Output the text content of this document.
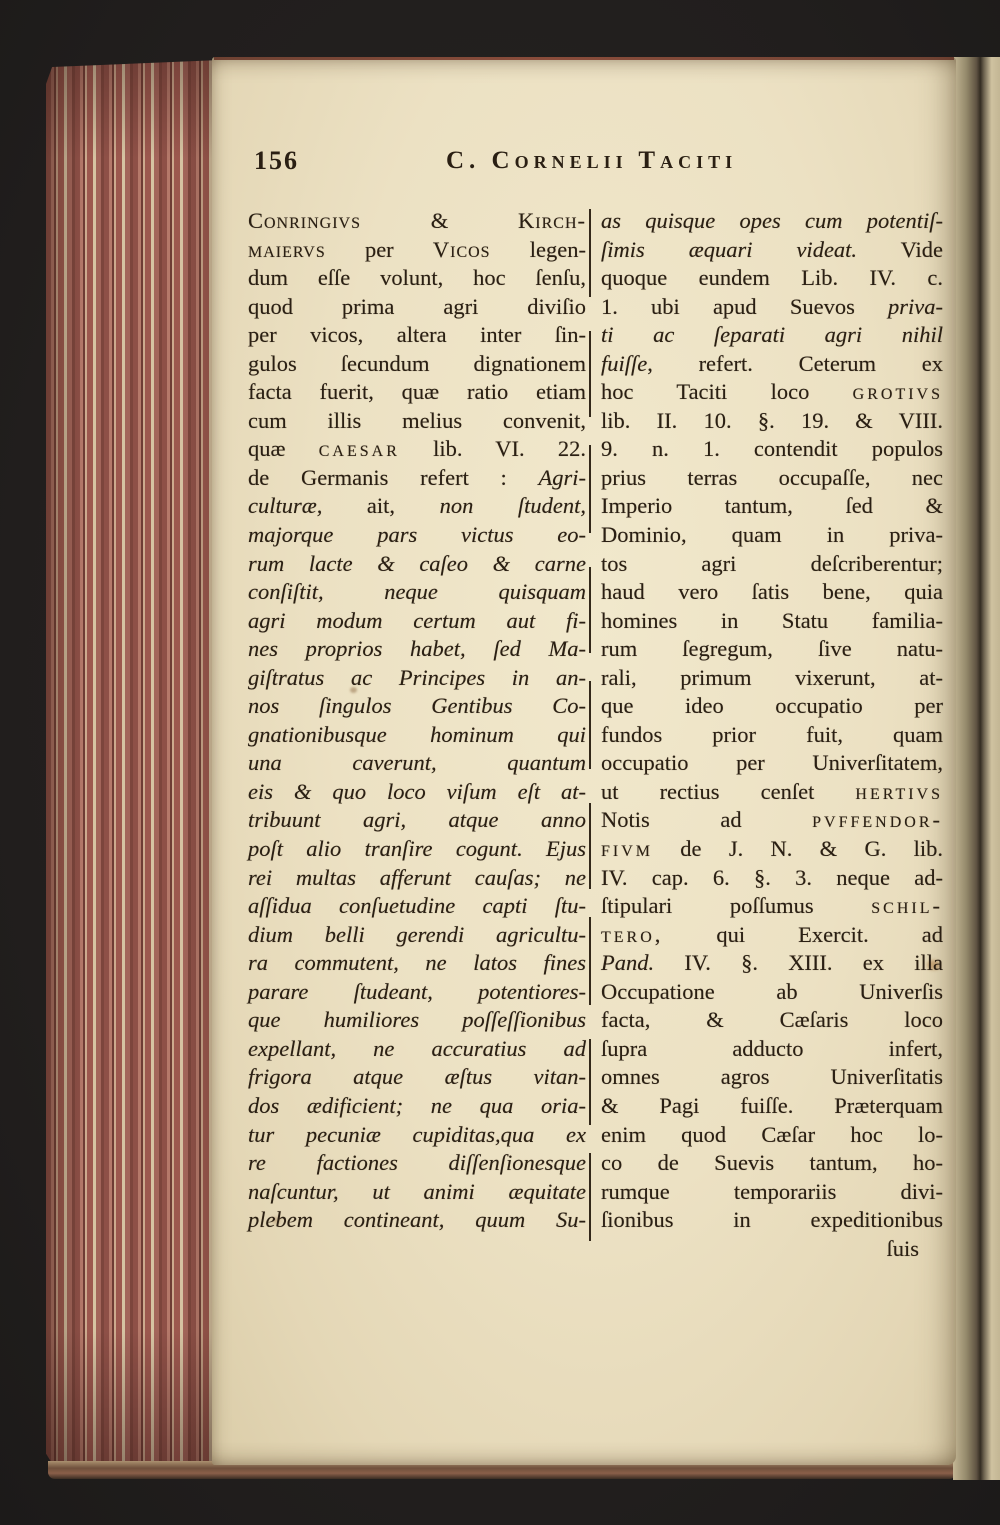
156	C. Cornelii Taciti
Conringivs & Kirch-
maiervs per Vicos legen-
dum eſſe volunt, hoc ſenſu,
quod prima agri diviſio
per vicos, altera inter ſin-
gulos ſecundum dignationem
facta fuerit, quæ ratio etiam
cum illis melius convenit,
quæ caesar lib. VI. 22.
de Germanis refert : Agri-
culturæ, ait, non ſtudent,
majorque pars victus eo-
rum lacte & caſeo & carne
conſiſtit, neque quisquam
agri modum certum aut fi-
nes proprios habet, ſed Ma-
giſtratus ac Principes in an-
nos ſingulos Gentibus Co-
gnationibusque hominum qui
una caverunt, quantum
eis & quo loco viſum eſt at-
tribuunt agri, atque anno
poſt alio tranſire cogunt. Ejus
rei multas afferunt cauſas; ne
aſſidua conſuetudine capti ſtu-
dium belli gerendi agricultu-
ra commutent, ne latos fines
parare ſtudeant, potentiores-
que humiliores poſſeſſionibus
expellant, ne accuratius ad
frigora atque æſtus vitan-
dos ædificient; ne qua oria-
tur pecuniæ cupiditas,qua ex
re factiones diſſenſionesque
naſcuntur, ut animi æquitate
plebem contineant, quum Su-
as quisque opes cum potentiſ-
ſimis æquari videat. Vide
quoque eundem Lib. IV. c.
1. ubi apud Suevos priva-
ti ac ſeparati agri nihil
fuiſſe, refert. Ceterum ex
hoc Taciti loco grotivs
lib. II. 10. §. 19. & VIII.
9. n. 1. contendit populos
prius terras occupaſſe, nec
Imperio tantum, ſed &
Dominio, quam in priva-
tos agri deſcriberentur;
haud vero ſatis bene, quia
homines in Statu familia-
rum ſegregum, ſive natu-
rali, primum vixerunt, at-
que ideo occupatio per
fundos prior fuit, quam
occupatio per Univerſitatem,
ut rectius cenſet hertivs
Notis ad pvffendor-
fivm de J. N. & G. lib.
IV. cap. 6. §. 3. neque ad-
ſtipulari poſſumus schil-
tero, qui Exercit. ad
Pand. IV. §. XIII. ex illa
Occupatione ab Univerſis
facta, & Cæſaris loco
ſupra adducto infert,
omnes agros Univerſitatis
& Pagi fuiſſe. Præterquam
enim quod Cæſar hoc lo-
co de Suevis tantum, ho-
rumque temporariis divi-
ſionibus in expeditionibus
ſuis
